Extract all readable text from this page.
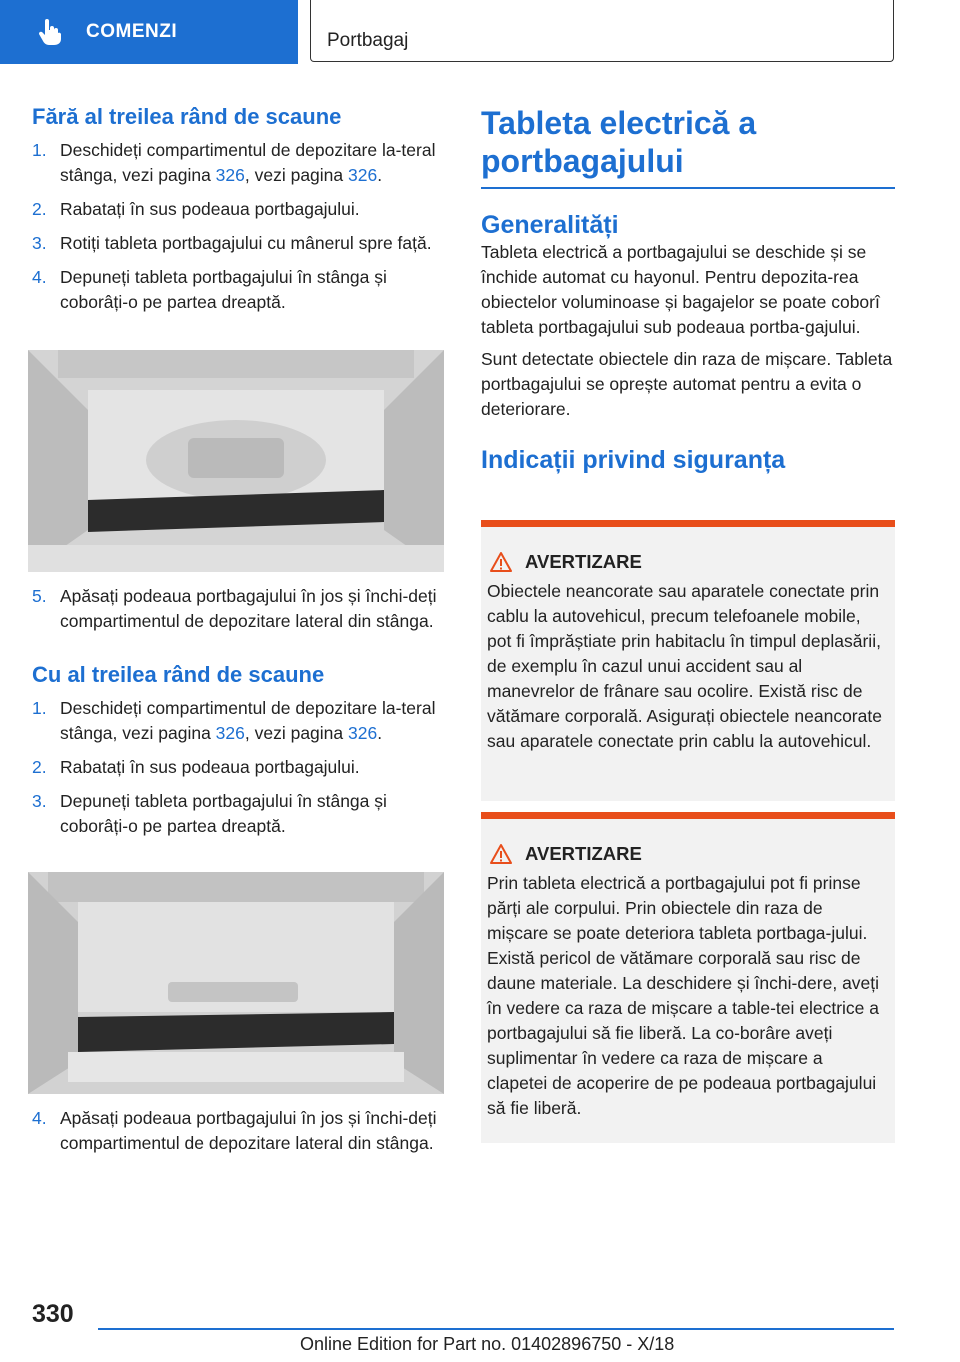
COMENZI	Portbagaj
Fără al treilea rând de scaune
1. Deschideți compartimentul de depozitare la‐teral stânga, vezi pagina 326, vezi pagina 326.
2. Rabatați în sus podeaua portbagajului.
3. Rotiți tableta portbagajului cu mânerul spre față.
4. Depuneți tableta portbagajului în stânga și coborâți-o pe partea dreaptă.
5. Apăsați podeaua portbagajului în jos și închi‐deți compartimentul de depozitare lateral din stânga.
Cu al treilea rând de scaune
1. Deschideți compartimentul de depozitare la‐teral stânga, vezi pagina 326, vezi pagina 326.
2. Rabatați în sus podeaua portbagajului.
3. Depuneți tableta portbagajului în stânga și coborâți-o pe partea dreaptă.
4. Apăsați podeaua portbagajului în jos și închi‐deți compartimentul de depozitare lateral din stânga.
Tableta electrică a portbagajului
Generalități

Tableta electrică a portbagajului se deschide și se închide automat cu hayonul. Pentru depozita‐rea obiectelor voluminoase și bagajelor se poate coborî tableta portbagajului sub podeaua portba‐gajului.

Sunt detectate obiectele din raza de mișcare. Tableta portbagajului se oprește automat pentru a evita o deteriorare.

Indicații privind siguranța
AVERTIZARE
Obiectele neancorate sau aparatele conectate prin cablu la autovehicul, precum telefoanele mobile, pot fi împrăștiate prin habitaclu în timpul deplasării, de exemplu în cazul unui accident sau al manevrelor de frânare sau ocolire. Există risc de vătămare corporală. Asigurați obiectele neancorate sau aparatele conectate prin cablu la autovehicul.
AVERTIZARE
Prin tableta electrică a portbagajului pot fi prinse părți ale corpului. Prin obiectele din raza de mișcare se poate deteriora tableta portbaga‐jului. Există pericol de vătămare corporală sau risc de daune materiale. La deschidere și închi‐dere, aveți în vedere ca raza de mișcare a table‐tei electrice a portbagajului să fie liberă. La co‐borâre aveți suplimentar în vedere ca raza de mișcare a clapetei de acoperire de pe podeaua portbagajului să fie liberă.
330
Online Edition for Part no. 01402896750 - X/18
